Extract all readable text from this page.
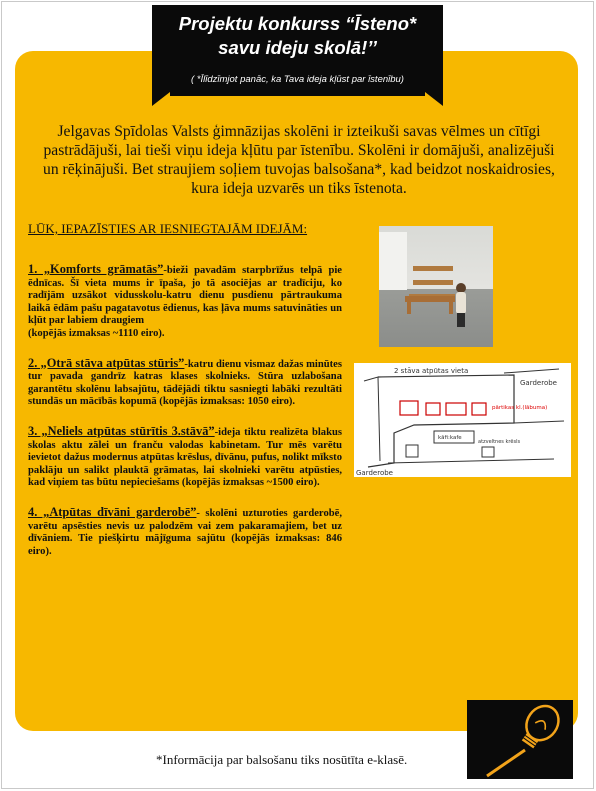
Projektu konkurss “Īsteno*
savu ideju skolā!’’
( *Īlīdzīmjot panāc, ka Tava ideja kļūst par īstenību)
Jelgavas Spīdolas Valsts ģimnāzijas skolēni ir izteikuši savas vēlmes un cītīgi pastrādājuši, lai tieši viņu ideja kļūtu par īstenību. Skolēni ir domājuši, analizējuši un rēķinājuši. Bet straujiem soļiem tuvojas balsošana*, kad beidzot noskaidrosies, kura ideja uzvarēs un tiks īstenota.
LŪK, IEPAZĪSTIES AR IESNIEGTAJĀM IDEJĀM:

1. „Komforts grāmatās”-bieži pavadām starpbrīžus telpā pie ēdnīcas. Šī vieta mums ir īpaša, jo tā asociējas ar tradīciju, ko radījām uzsākot vidusskolu-katru dienu pusdienu pārtraukuma laikā ēdām pašu pagatavotus ēdienus, kas ļāva mums satuvināties un kļūt par labiem draugiem

(kopējās izmaksas ~1110 eiro).

2. „Otrā stāva atpūtas stūris”-katru dienu vismaz dažas minūtes tur pavada gandrīz katras klases skolnieks. Stūra uzlabošana garantētu skolēnu labsajūtu, tādējādi tiktu sasniegti labāki rezultāti stundās un mācībās kopumā (kopējās izmaksas: 1050 eiro).

3. „Neliels atpūtas stūrītis 3.stāvā”-ideja tiktu realizēta blakus skolas aktu zālei un franču valodas kabinetam. Tur mēs varētu ievietot dažus modernus atpūtas krēslus, dīvānu, pufus, nolikt mīksto paklāju un salikt plauktā grāmatas, lai skolnieki varētu atpūsties, kad viņiem tas būtu nepieciešams (kopējās izmaksas ~1500 eiro).

4. „Atpūtas dīvāni garderobē”- skolēni uzturoties garderobē, varētu apsēsties nevis uz palodzēm vai zem pakaramajiem, bet uz dīvāniem. Tie piešķirtu mājīguma sajūtu (kopējās izmaksas: 846 eiro).

2 stāva atpūtas vieta
Garderobe
pārtikas kl.(lābuma)
kāfi:kafe
atzveltnes krēsls
Garderobe
*Informācija par balsošanu tiks nosūtīta e-klasē.
